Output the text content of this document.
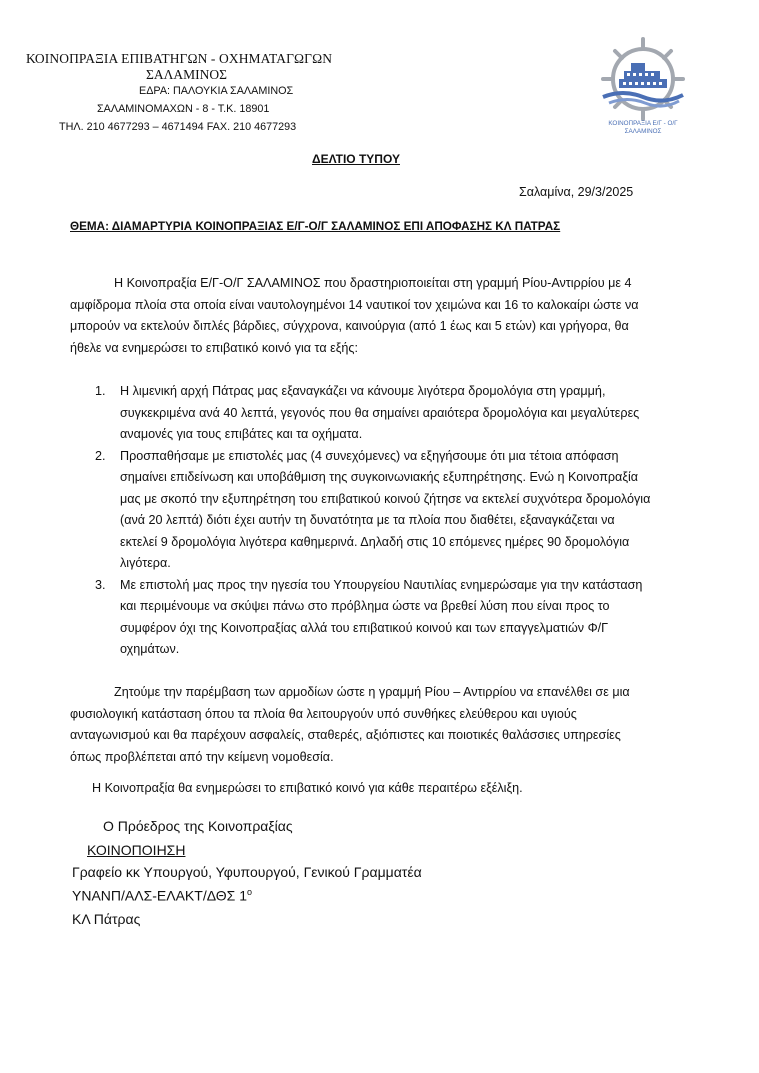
ΚΟΙΝΟΠΡΑΞΙΑ ΕΠΙΒΑΤΗΓΩΝ - ΟΧΗΜΑΤΑΓΩΓΩΝ
ΣΑΛΑΜΙΝΟΣ
ΕΔΡΑ: ΠΑΛΟΥΚΙΑ ΣΑΛΑΜΙΝΟΣ
ΣΑΛΑΜΙΝΟΜΑΧΩΝ - 8 - Τ.Κ. 18901
ΤΗΛ. 210 4677293 – 4671494 FAX. 210 4677293	ΚΟΙΝΟΠΡΑΞΙΑ Ε/Γ - Ο/Γ
ΣΑΛΑΜΙΝΟΣ
ΔΕΛΤΙΟ ΤΥΠΟΥ
Σαλαμίνα, 29/3/2025
ΘΕΜΑ: ΔΙΑΜΑΡΤΥΡΙΑ ΚΟΙΝΟΠΡΑΞΙΑΣ Ε/Γ-Ο/Γ ΣΑΛΑΜΙΝΟΣ ΕΠΙ ΑΠΟΦΑΣΗΣ ΚΛ ΠΑΤΡΑΣ

Η Κοινοπραξία Ε/Γ-Ο/Γ ΣΑΛΑΜΙΝΟΣ που δραστηριοποιείται στη γραμμή Ρίου-Αντιρρίου με 4 αμφίδρομα πλοία στα οποία είναι ναυτολογημένοι 14 ναυτικοί τον χειμώνα και 16 το καλοκαίρι ώστε να μπορούν να εκτελούν διπλές βάρδιες, σύγχρονα, καινούργια (από 1 έως και 5 ετών) και γρήγορα, θα ήθελε να ενημερώσει το επιβατικό κοινό για τα εξής:

1. Η λιμενική αρχή Πάτρας μας εξαναγκάζει να κάνουμε λιγότερα δρομολόγια στη γραμμή, συγκεκριμένα ανά 40 λεπτά, γεγονός που θα σημαίνει αραιότερα δρομολόγια και μεγαλύτερες αναμονές για τους επιβάτες και τα οχήματα.
2. Προσπαθήσαμε με επιστολές μας (4 συνεχόμενες) να εξηγήσουμε ότι μια τέτοια απόφαση σημαίνει επιδείνωση και υποβάθμιση της συγκοινωνιακής εξυπηρέτησης. Ενώ η Κοινοπραξία μας με σκοπό την εξυπηρέτηση του επιβατικού κοινού ζήτησε να εκτελεί συχνότερα δρομολόγια (ανά 20 λεπτά) διότι έχει αυτήν τη δυνατότητα με τα πλοία που διαθέτει, εξαναγκάζεται να εκτελεί 9 δρομολόγια λιγότερα καθημερινά. Δηλαδή στις 10 επόμενες ημέρες 90 δρομολόγια λιγότερα.
3. Με επιστολή μας προς την ηγεσία του Υπουργείου Ναυτιλίας ενημερώσαμε για την κατάσταση και περιμένουμε να σκύψει πάνω στο πρόβλημα ώστε να βρεθεί λύση που είναι προς το συμφέρον όχι της Κοινοπραξίας αλλά του επιβατικού κοινού και των επαγγελματιών Φ/Γ οχημάτων.

Ζητούμε την παρέμβαση των αρμοδίων ώστε η γραμμή Ρίου – Αντιρρίου να επανέλθει σε μια φυσιολογική κατάσταση όπου τα πλοία θα λειτουργούν υπό συνθήκες ελεύθερου και υγιούς ανταγωνισμού και θα παρέχουν ασφαλείς, σταθερές, αξιόπιστες και ποιοτικές θαλάσσιες υπηρεσίες όπως προβλέπεται από την κείμενη νομοθεσία.

Η Κοινοπραξία θα ενημερώσει το επιβατικό κοινό για κάθε περαιτέρω εξέλιξη.
Ο Πρόεδρος της Κοινοπραξίας
ΚΟΙΝΟΠΟΙΗΣΗ
Γραφείο κκ Υπουργού, Υφυπουργού, Γενικού Γραμματέα
ΥΝΑΝΠ/ΑΛΣ-ΕΛΑΚΤ/ΔΘΣ $1^o$
ΚΛ Πάτρας
